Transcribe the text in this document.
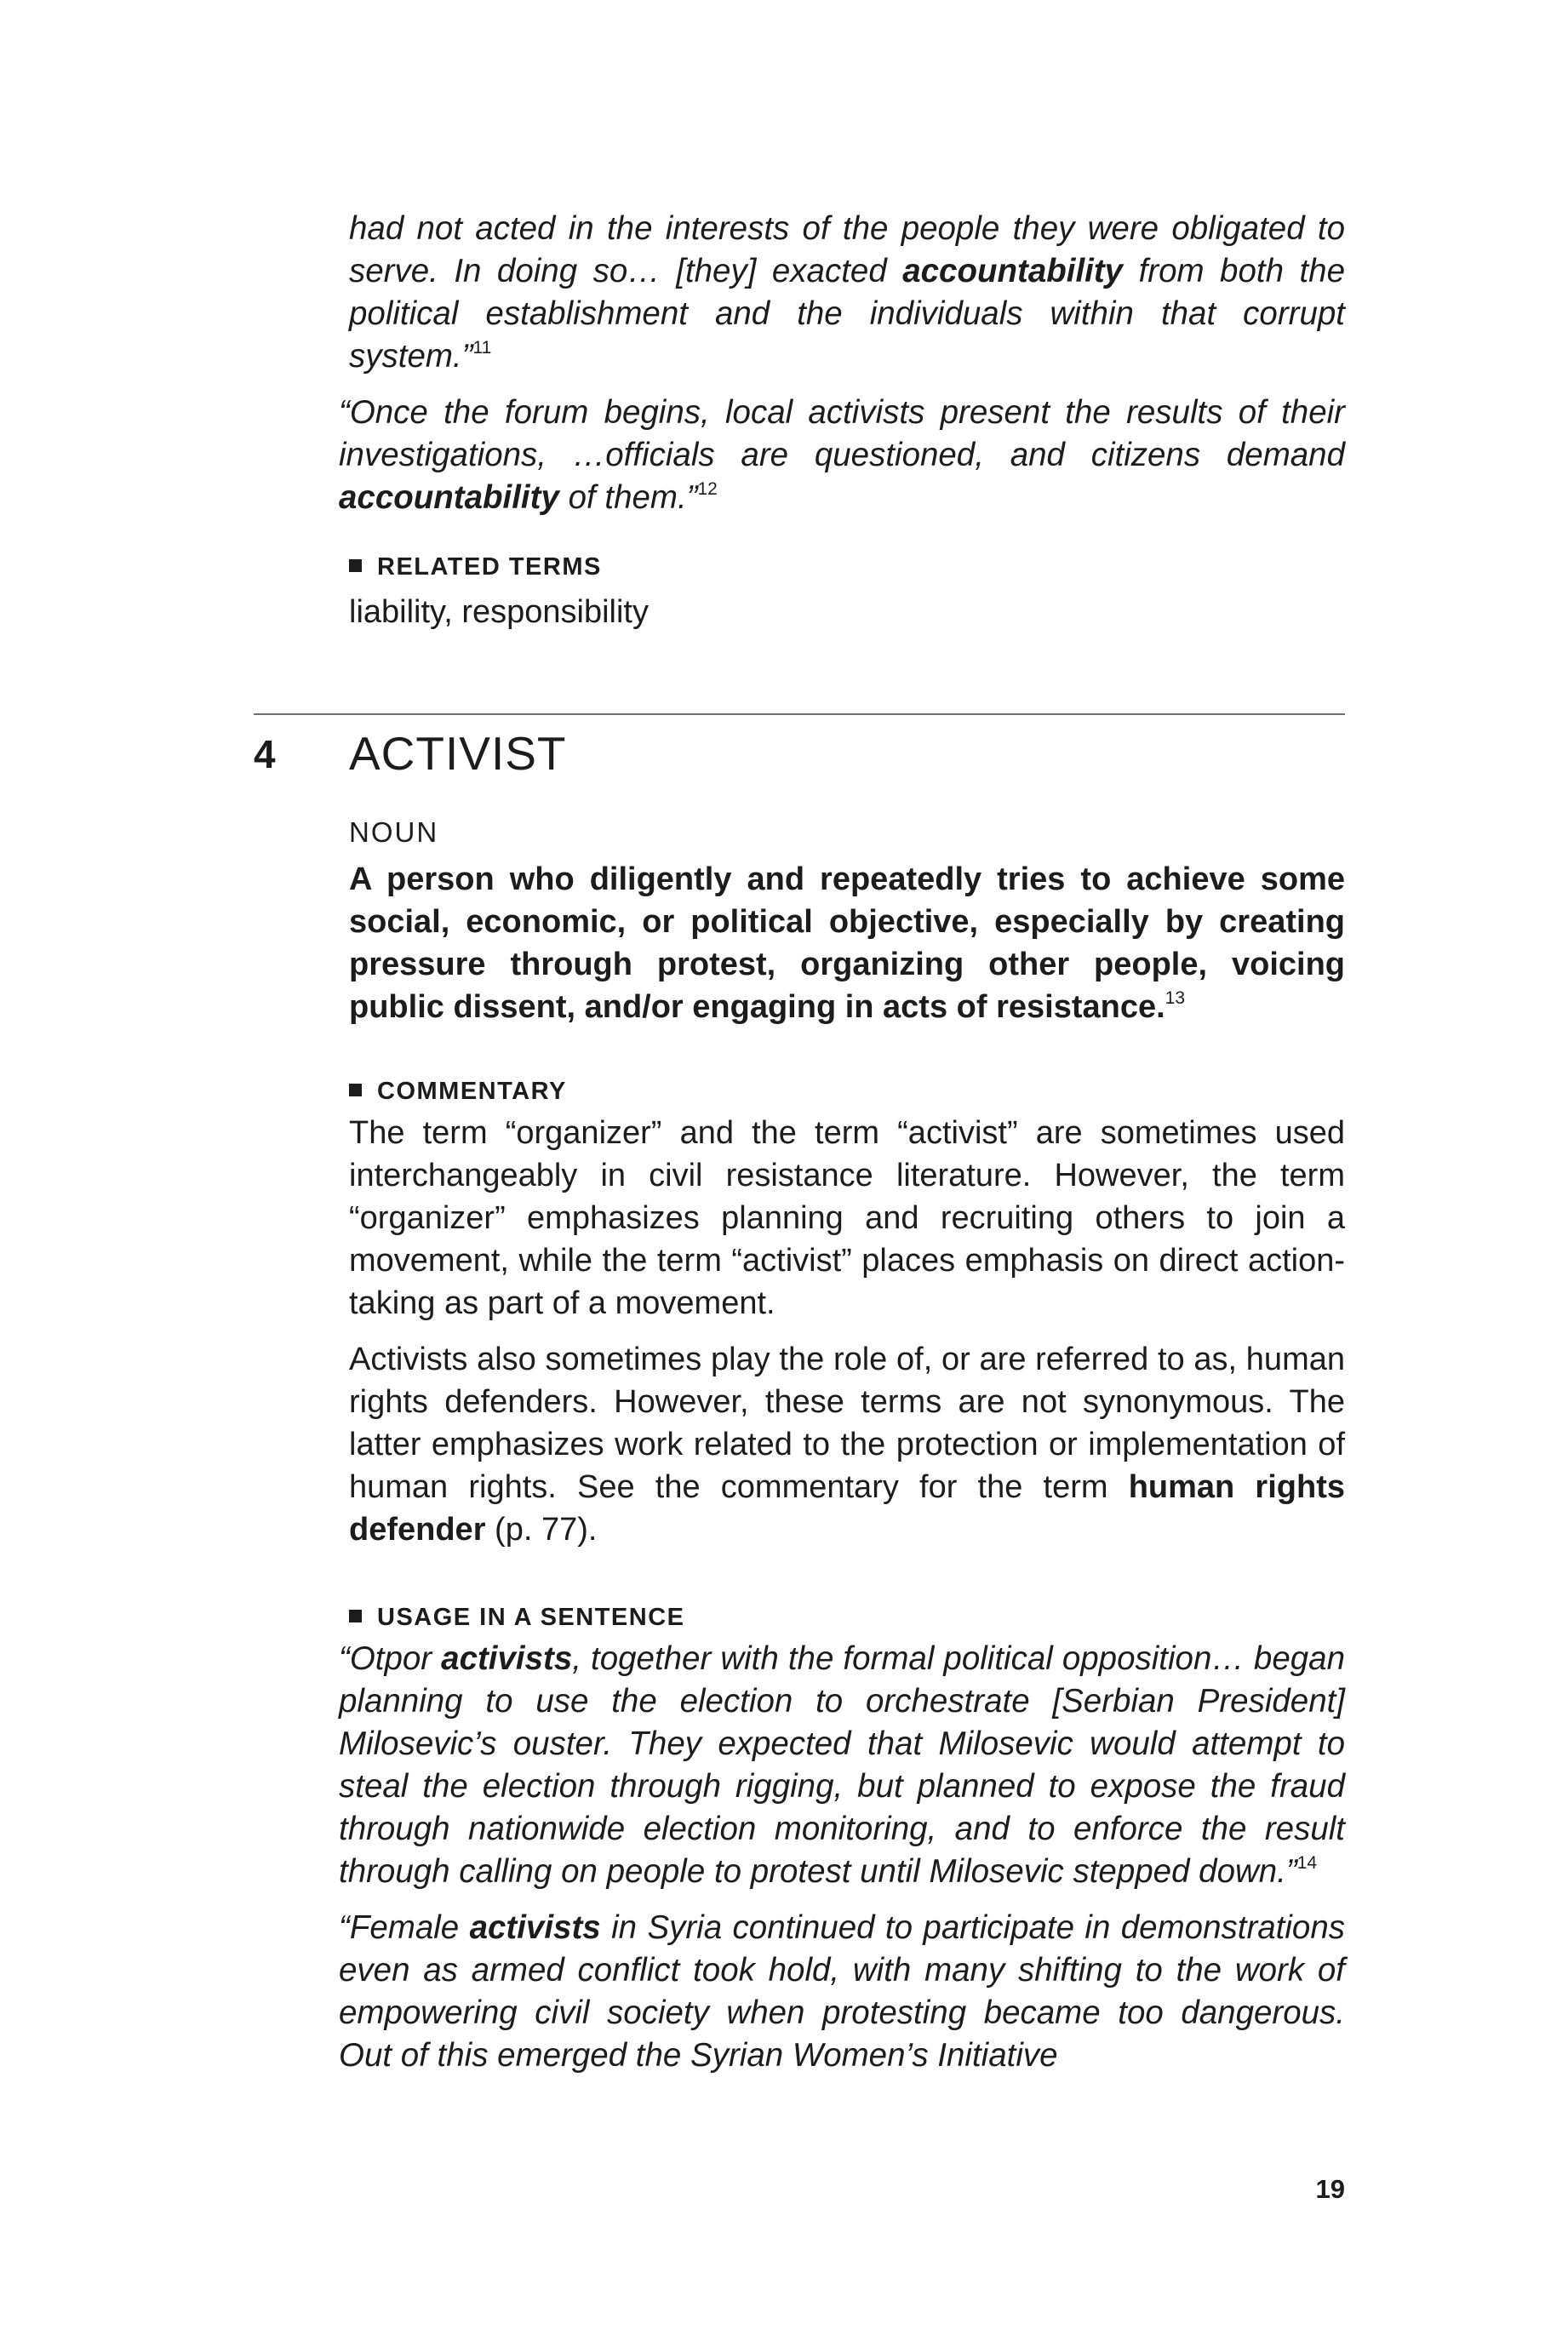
had not acted in the interests of the people they were obligated to serve. In doing so… [they] exacted accountability from both the political establishment and the individuals within that corrupt system.”$^{11}$

“Once the forum begins, local activists present the results of their investigations, …officials are questioned, and citizens demand accountability of them.”$^{12}$

RELATED TERMS

liability, responsibility

4 ACTIVIST
NOUN

A person who diligently and repeatedly tries to achieve some social, economic, or political objective, especially by creating pressure through protest, organizing other people, voicing public dissent, and/or engaging in acts of resistance.$^{13}$

COMMENTARY

The term “organizer” and the term “activist” are sometimes used interchangeably in civil resistance literature. However, the term “organizer” emphasizes planning and recruiting others to join a movement, while the term “activist” places emphasis on direct action-taking as part of a movement.

Activists also sometimes play the role of, or are referred to as, human rights defenders. However, these terms are not synonymous. The latter emphasizes work related to the protection or implementation of human rights. See the commentary for the term human rights defender (p. 77).

USAGE IN A SENTENCE

“Otpor activists, together with the formal political opposition… began planning to use the election to orchestrate [Serbian President] Milosevic’s ouster. They expected that Milosevic would attempt to steal the election through rigging, but planned to expose the fraud through nationwide election monitoring, and to enforce the result through calling on people to protest until Milosevic stepped down.”$^{14}$

“Female activists in Syria continued to participate in demonstrations even as armed conflict took hold, with many shifting to the work of empowering civil society when protesting became too dangerous. Out of this emerged the Syrian Women’s Initiative

19
